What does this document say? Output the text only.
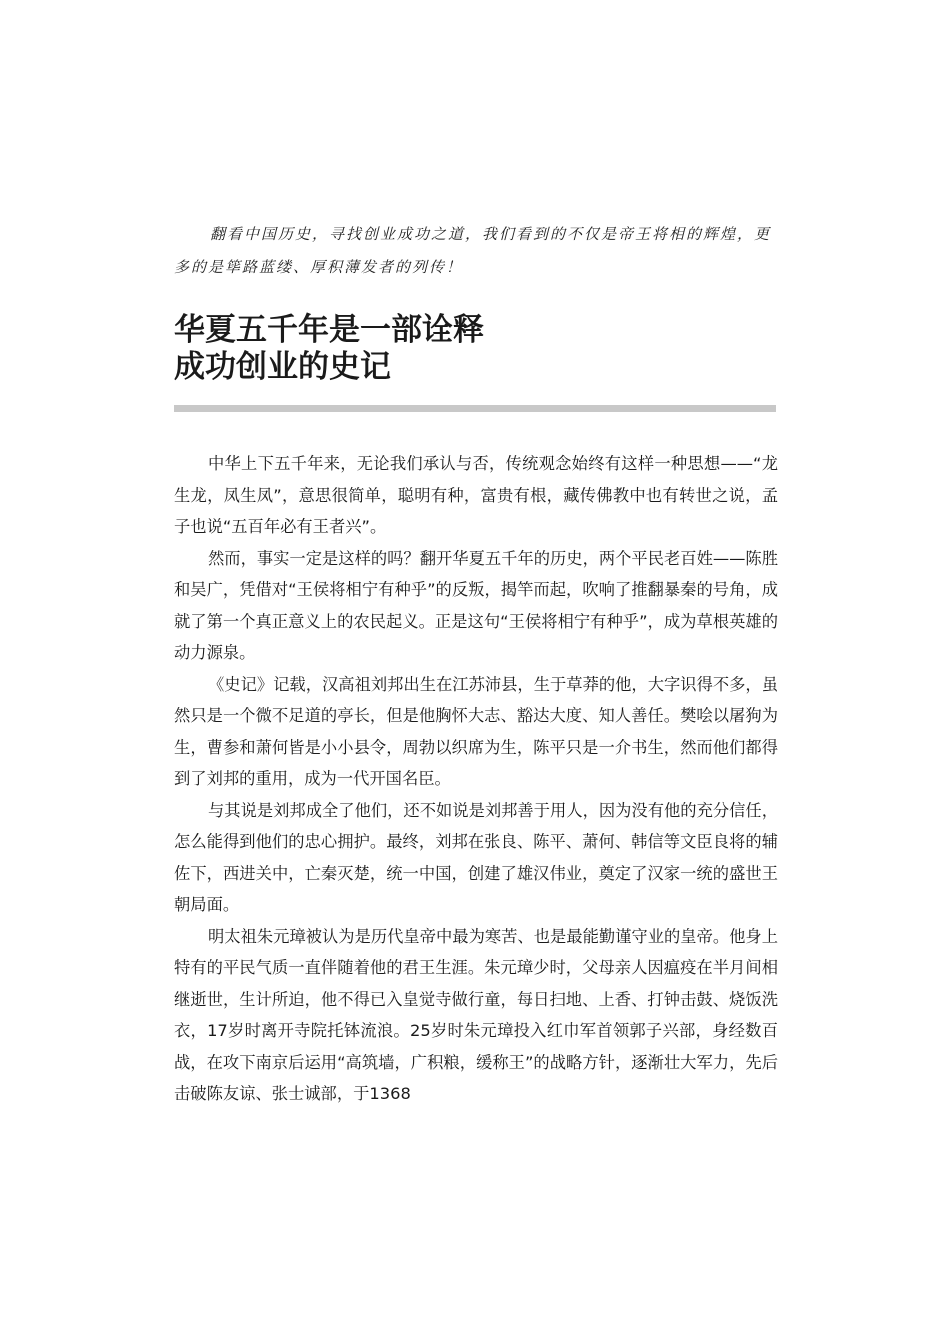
翻看中国历史，寻找创业成功之道，我们看到的不仅是帝王将相的辉煌，更多的是筚路蓝缕、厚积薄发者的列传！

华夏五千年是一部诠释
成功创业的史记

中华上下五千年来，无论我们承认与否，传统观念始终有这样一种思想——“龙生龙，凤生凤”，意思很简单，聪明有种，富贵有根，藏传佛教中也有转世之说，孟子也说“五百年必有王者兴”。

然而，事实一定是这样的吗？翻开华夏五千年的历史，两个平民老百姓——陈胜和吴广，凭借对“王侯将相宁有种乎”的反叛，揭竿而起，吹响了推翻暴秦的号角，成就了第一个真正意义上的农民起义。正是这句“王侯将相宁有种乎”，成为草根英雄的动力源泉。

《史记》记载，汉高祖刘邦出生在江苏沛县，生于草莽的他，大字识得不多，虽然只是一个微不足道的亭长，但是他胸怀大志、豁达大度、知人善任。樊哙以屠狗为生，曹参和萧何皆是小小县令，周勃以织席为生，陈平只是一介书生，然而他们都得到了刘邦的重用，成为一代开国名臣。

与其说是刘邦成全了他们，还不如说是刘邦善于用人，因为没有他的充分信任，怎么能得到他们的忠心拥护。最终，刘邦在张良、陈平、萧何、韩信等文臣良将的辅佐下，西进关中，亡秦灭楚，统一中国，创建了雄汉伟业，奠定了汉家一统的盛世王朝局面。

明太祖朱元璋被认为是历代皇帝中最为寒苦、也是最能勤谨守业的皇帝。他身上特有的平民气质一直伴随着他的君王生涯。朱元璋少时，父母亲人因瘟疫在半月间相继逝世，生计所迫，他不得已入皇觉寺做行童，每日扫地、上香、打钟击鼓、烧饭洗衣，17岁时离开寺院托钵流浪。25岁时朱元璋投入红巾军首领郭子兴部，身经数百战，在攻下南京后运用“高筑墙，广积粮，缓称王”的战略方针，逐渐壮大军力，先后击破陈友谅、张士诚部，于1368
